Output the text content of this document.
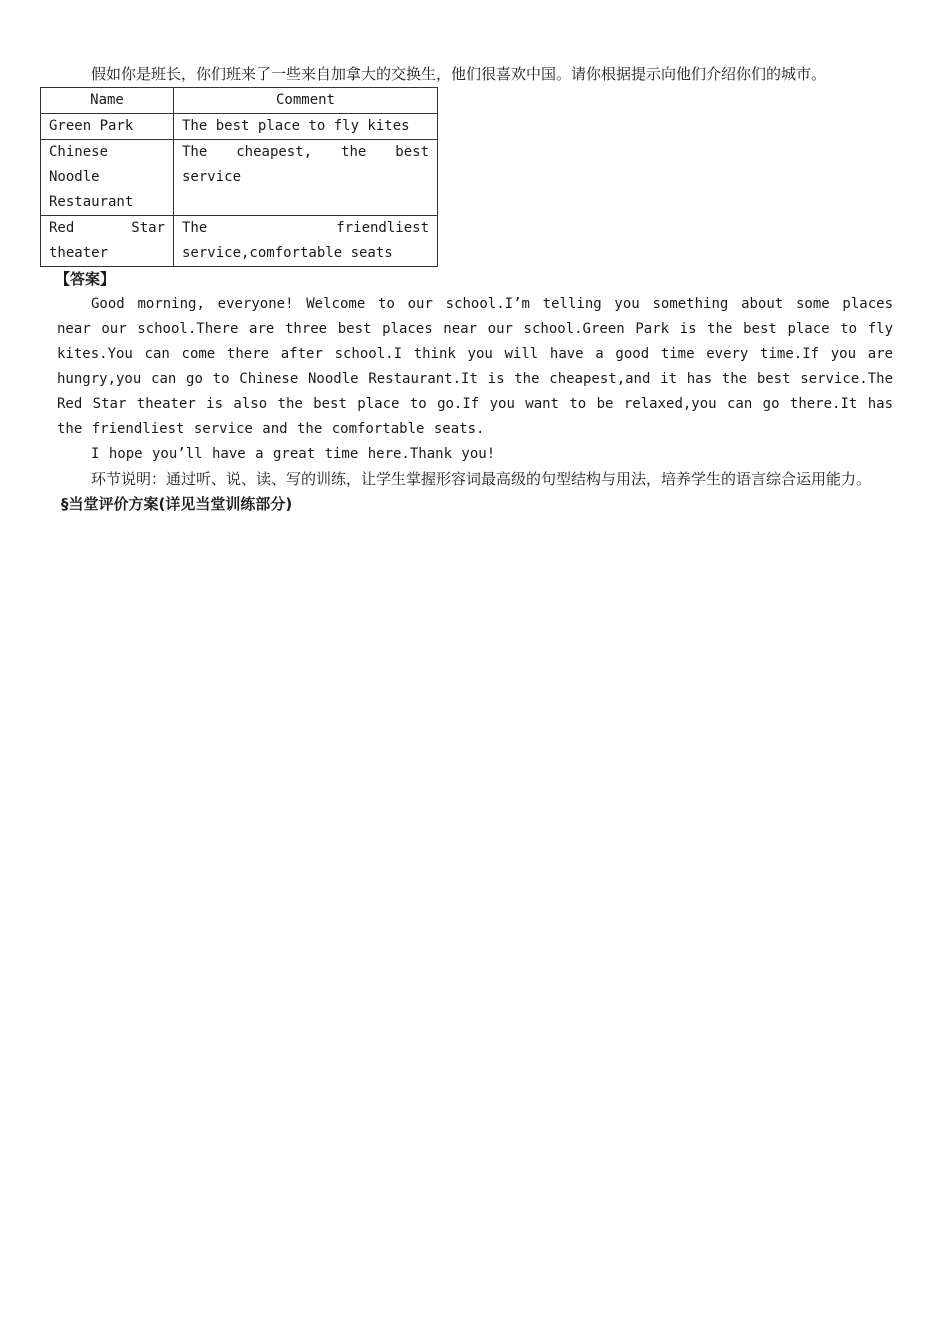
假如你是班长，你们班来了一些来自加拿大的交换生，他们很喜欢中国。请你根据提示向他们介绍你们的城市。

Name	Comment
Green Park	The best place to fly kites
Chinese Noodle Restaurant	The cheapest, the best service
Red Star theater	The friendliest service,comfortable seats

【答案】

Good morning, everyone! Welcome to our school.I’m telling you something about some places near our school.There are three best places near our school.Green Park is the best place to fly kites.You can come there after school.I think you will have a good time every time.If you are hungry,you can go to Chinese Noodle Restaurant.It is the cheapest,and it has the best service.The Red Star theater is also the best place to go.If you want to be relaxed,you can go there.It has the friendliest service and the comfortable seats.

I hope you’ll have a great time here.Thank you!

环节说明：通过听、说、读、写的训练，让学生掌握形容词最高级的句型结构与用法，培养学生的语言综合运用能力。

§当堂评价方案(详见当堂训练部分)
